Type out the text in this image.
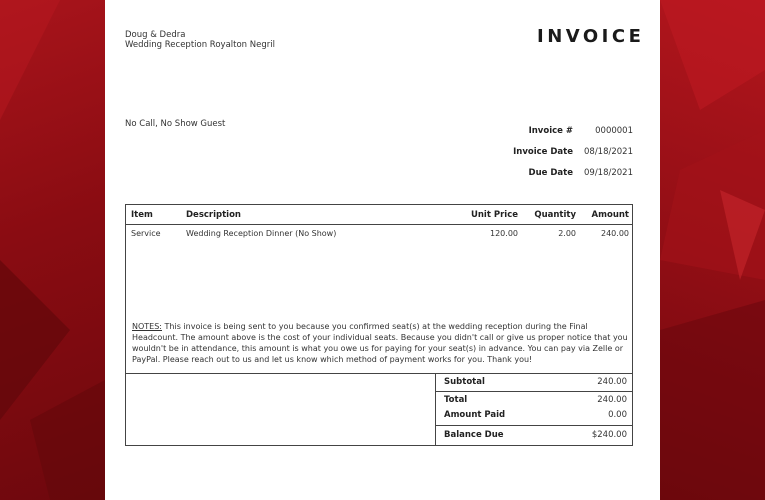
Doug & Dedra
Wedding Reception Royalton Negril	INVOICE
No Call, No Show Guest
Invoice #	0000001
Invoice Date	08/18/2021
Due Date	09/18/2021
Item	Description	Unit Price	Quantity	Amount
Service	Wedding Reception Dinner (No Show)	120.00	2.00	240.00
NOTES: This invoice is being sent to you because you confirmed seat(s) at the wedding reception during the Final Headcount. The amount above is the cost of your individual seats. Because you didn't call or give us proper notice that you wouldn't be in attendance, this amount is what you owe us for paying for your seat(s) in advance. You can pay via Zelle or PayPal. Please reach out to us and let us know which method of payment works for you. Thank you!
Subtotal	240.00
Total	240.00
Amount Paid	0.00
Balance Due	$240.00
